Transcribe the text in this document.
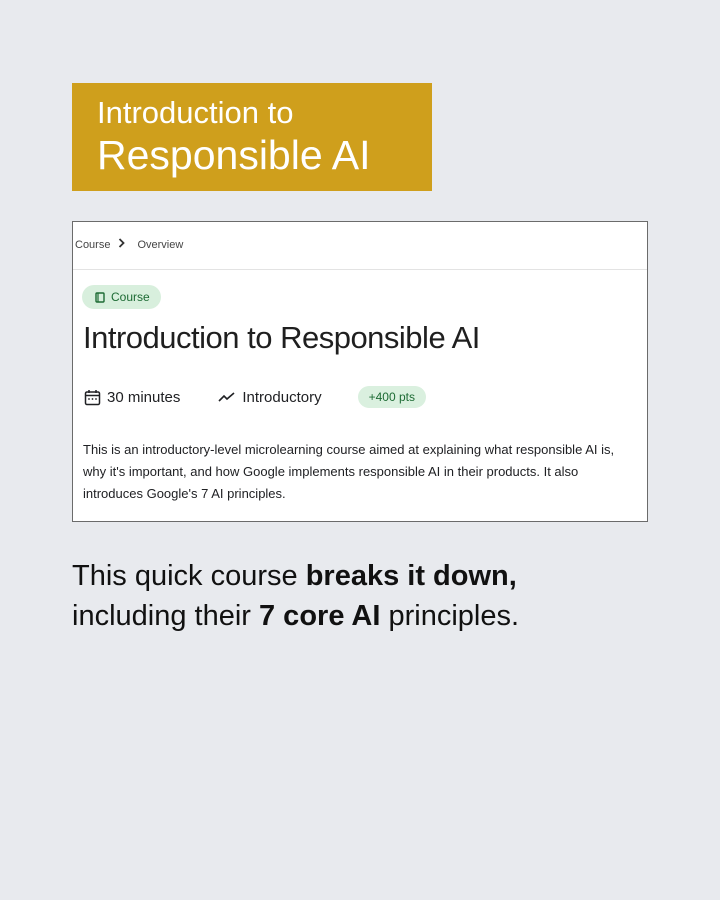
Introduction to
Responsible AI
Course Overview
Course
Introduction to Responsible AI
30 minutes	Introductory	+400 pts
This is an introductory-level microlearning course aimed at explaining what responsible AI is, why it's important, and how Google implements responsible AI in their products. It also introduces Google's 7 AI principles.
This quick course breaks it down,
including their 7 core AI principles.
